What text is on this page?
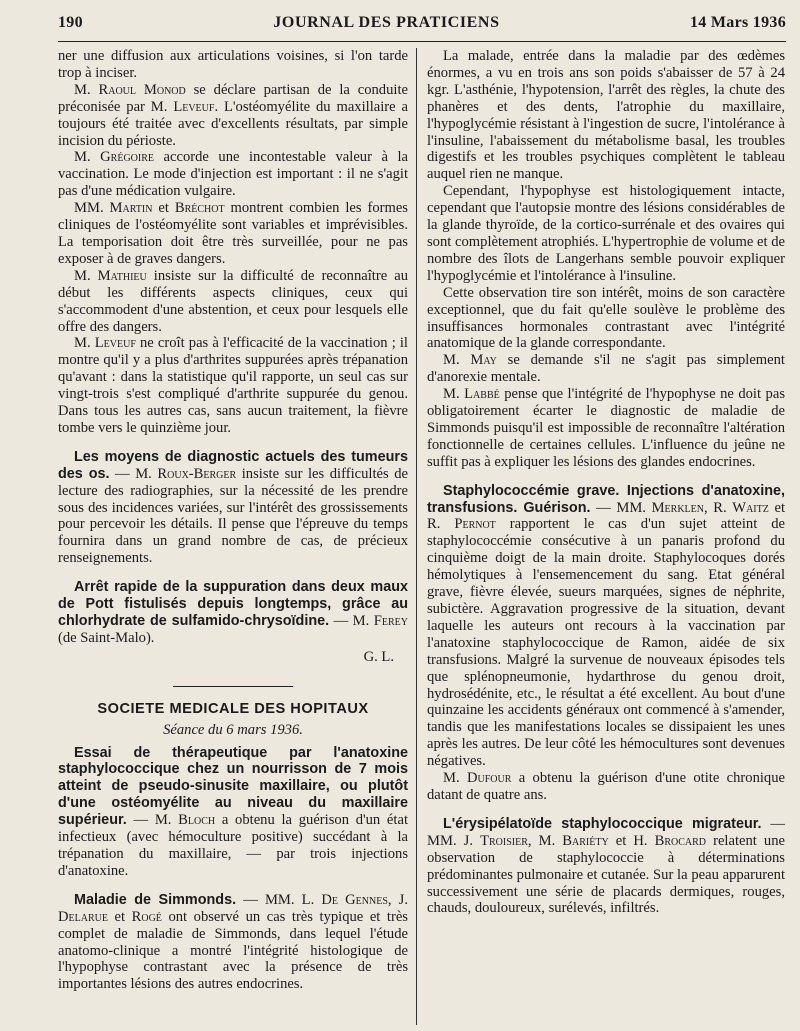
190	JOURNAL DES PRATICIENS	14 Mars 1936

ner une diffusion aux articulations voisines, si l'on tarde trop à inciser.

M. Raoul Monod se déclare partisan de la conduite préconisée par M. Leveuf. L'ostéomyélite du maxillaire a toujours été traitée avec d'excellents résultats, par simple incision du périoste.

M. Grégoire accorde une incontestable valeur à la vaccination. Le mode d'injection est important : il ne s'agit pas d'une médication vulgaire.

MM. Martin et Bréchot montrent combien les formes cliniques de l'ostéomyélite sont variables et imprévisibles. La temporisation doit être très surveillée, pour ne pas exposer à de graves dangers.

M. Mathieu insiste sur la difficulté de reconnaître au début les différents aspects cliniques, ceux qui s'accommodent d'une abstention, et ceux pour lesquels elle offre des dangers.

M. Leveuf ne croît pas à l'efficacité de la vaccination ; il montre qu'il y a plus d'arthrites suppurées après trépanation qu'avant : dans la statistique qu'il rapporte, un seul cas sur vingt-trois s'est compliqué d'arthrite suppurée du genou. Dans tous les autres cas, sans aucun traitement, la fièvre tombe vers le quinzième jour.

Les moyens de diagnostic actuels des tumeurs des os. — M. Roux-Berger insiste sur les difficultés de lecture des radiographies, sur la nécessité de les prendre sous des incidences variées, sur l'intérêt des grossissements pour percevoir les détails. Il pense que l'épreuve du temps fournira dans un grand nombre de cas, de précieux renseignements.

Arrêt rapide de la suppuration dans deux maux de Pott fistulisés depuis longtemps, grâce au chlorhydrate de sulfamido-chrysoïdine. — M. Ferey (de Saint-Malo).

G. L.
SOCIETE MEDICALE DES HOPITAUX
Séance du 6 mars 1936.

Essai de thérapeutique par l'anatoxine staphylococcique chez un nourrisson de 7 mois atteint de pseudo-sinusite maxillaire, ou plutôt d'une ostéomyélite au niveau du maxillaire supérieur. — M. Bloch a obtenu la guérison d'un état infectieux (avec hémoculture positive) succédant à la trépanation du maxillaire, — par trois injections d'anatoxine.

Maladie de Simmonds. — MM. L. De Gennes, J. Delarue et Rogé ont observé un cas très typique et très complet de maladie de Simmonds, dans lequel l'étude anatomo-clinique a montré l'intégrité histologique de l'hypophyse contrastant avec la présence de très importantes lésions des autres endocrines.

La malade, entrée dans la maladie par des œdèmes énormes, a vu en trois ans son poids s'abaisser de 57 à 24 kgr. L'asthénie, l'hypotension, l'arrêt des règles, la chute des phanères et des dents, l'atrophie du maxillaire, l'hypoglycémie résistant à l'ingestion de sucre, l'intolérance à l'insuline, l'abaissement du métabolisme basal, les troubles digestifs et les troubles psychiques complètent le tableau auquel rien ne manque.

Cependant, l'hypophyse est histologiquement intacte, cependant que l'autopsie montre des lésions considérables de la glande thyroïde, de la cortico-surrénale et des ovaires qui sont complètement atrophiés. L'hypertrophie de volume et de nombre des îlots de Langerhans semble pouvoir expliquer l'hypoglycémie et l'intolérance à l'insuline.

Cette observation tire son intérêt, moins de son caractère exceptionnel, que du fait qu'elle soulève le problème des insuffisances hormonales contrastant avec l'intégrité anatomique de la glande correspondante.

M. May se demande s'il ne s'agit pas simplement d'anorexie mentale.

M. Labbé pense que l'intégrité de l'hypophyse ne doit pas obligatoirement écarter le diagnostic de maladie de Simmonds puisqu'il est impossible de reconnaître l'altération fonctionnelle de certaines cellules. L'influence du jeûne ne suffit pas à expliquer les lésions des glandes endocrines.

Staphylococcémie grave. Injections d'anatoxine, transfusions. Guérison. — MM. Merklen, R. Waitz et R. Pernot rapportent le cas d'un sujet atteint de staphylococcémie consécutive à un panaris profond du cinquième doigt de la main droite. Staphylocoques dorés hémolytiques à l'ensemencement du sang. Etat général grave, fièvre élevée, sueurs marquées, signes de néphrite, subictère. Aggravation progressive de la situation, devant laquelle les auteurs ont recours à la vaccination par l'anatoxine staphylococcique de Ramon, aidée de six transfusions. Malgré la survenue de nouveaux épisodes tels que splénopneumonie, hydarthrose du genou droit, hydrosédénite, etc., le résultat a été excellent. Au bout d'une quinzaine les accidents généraux ont commencé à s'amender, tandis que les manifestations locales se dissipaient les unes après les autres. De leur côté les hémocultures sont devenues négatives.

M. Dufour a obtenu la guérison d'une otite chronique datant de quatre ans.

L'érysipélatoïde staphylococcique migrateur. — MM. J. Troisier, M. Bariéty et H. Brocard relatent une observation de staphylococcie à déterminations prédominantes pulmonaire et cutanée. Sur la peau apparurent successivement une série de placards dermiques, rouges, chauds, douloureux, surélevés, infiltrés.
